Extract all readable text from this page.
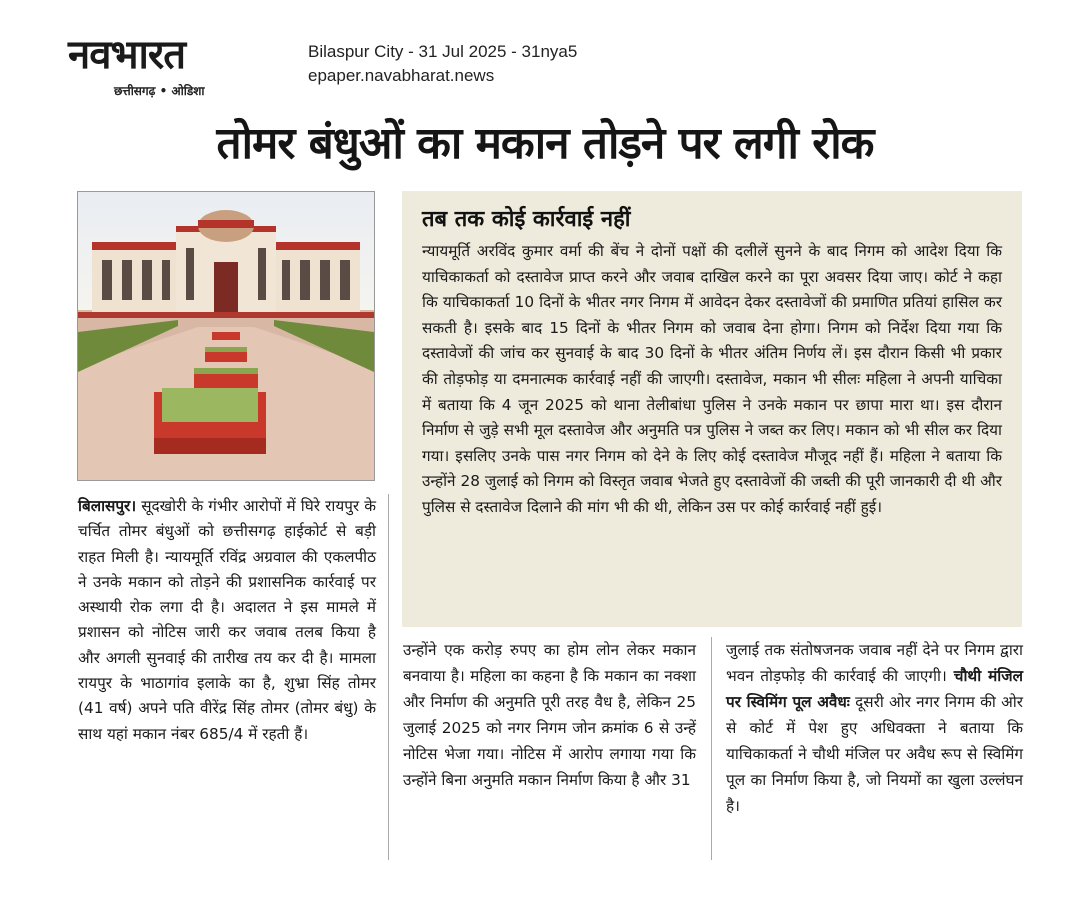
नवभारत
छत्तीसगढ़ • ओडिशा
Bilaspur City - 31 Jul 2025 - 31nya5
epaper.navabharat.news
तोमर बंधुओं का मकान तोड़ने पर लगी रोक
तब तक कोई कार्रवाई नहीं

न्यायमूर्ति अरविंद कुमार वर्मा की बेंच ने दोनों पक्षों की दलीलें सुनने के बाद निगम को आदेश दिया कि याचिकाकर्ता को दस्तावेज प्राप्त करने और जवाब दाखिल करने का पूरा अवसर दिया जाए। कोर्ट ने कहा कि याचिकाकर्ता 10 दिनों के भीतर नगर निगम में आवेदन देकर दस्तावेजों की प्रमाणित प्रतियां हासिल कर सकती है। इसके बाद 15 दिनों के भीतर निगम को जवाब देना होगा। निगम को निर्देश दिया गया कि दस्तावेजों की जांच कर सुनवाई के बाद 30 दिनों के भीतर अंतिम निर्णय लें। इस दौरान किसी भी प्रकार की तोड़फोड़ या दमनात्मक कार्रवाई नहीं की जाएगी। दस्तावेज, मकान भी सीलः महिला ने अपनी याचिका में बताया कि 4 जून 2025 को थाना तेलीबांधा पुलिस ने उनके मकान पर छापा मारा था। इस दौरान निर्माण से जुड़े सभी मूल दस्तावेज और अनुमति पत्र पुलिस ने जब्त कर लिए। मकान को भी सील कर दिया गया। इसलिए उनके पास नगर निगम को देने के लिए कोई दस्तावेज मौजूद नहीं हैं। महिला ने बताया कि उन्होंने 28 जुलाई को निगम को विस्तृत जवाब भेजते हुए दस्तावेजों की जब्ती की पूरी जानकारी दी थी और पुलिस से दस्तावेज दिलाने की मांग भी की थी, लेकिन उस पर कोई कार्रवाई नहीं हुई।

बिलासपुर। सूदखोरी के गंभीर आरोपों में घिरे रायपुर के चर्चित तोमर बंधुओं को छत्तीसगढ़ हाईकोर्ट से बड़ी राहत मिली है। न्यायमूर्ति रविंद्र अग्रवाल की एकलपीठ ने उनके मकान को तोड़ने की प्रशासनिक कार्रवाई पर अस्थायी रोक लगा दी है। अदालत ने इस मामले में प्रशासन को नोटिस जारी कर जवाब तलब किया है और अगली सुनवाई की तारीख तय कर दी है। मामला रायपुर के भाठागांव इलाके का है, शुभ्रा सिंह तोमर (41 वर्ष) अपने पति वीरेंद्र सिंह तोमर (तोमर बंधु) के साथ यहां मकान नंबर 685/4 में रहती हैं।

उन्होंने एक करोड़ रुपए का होम लोन लेकर मकान बनवाया है। महिला का कहना है कि मकान का नक्शा और निर्माण की अनुमति पूरी तरह वैध है, लेकिन 25 जुलाई 2025 को नगर निगम जोन क्रमांक 6 से उन्हें नोटिस भेजा गया। नोटिस में आरोप लगाया गया कि उन्होंने बिना अनुमति मकान निर्माण किया है और 31

जुलाई तक संतोषजनक जवाब नहीं देने पर निगम द्वारा भवन तोड़फोड़ की कार्रवाई की जाएगी। चौथी मंजिल पर स्विमिंग पूल अवैधः दूसरी ओर नगर निगम की ओर से कोर्ट में पेश हुए अधिवक्ता ने बताया कि याचिकाकर्ता ने चौथी मंजिल पर अवैध रूप से स्विमिंग पूल का निर्माण किया है, जो नियमों का खुला उल्लंघन है।
